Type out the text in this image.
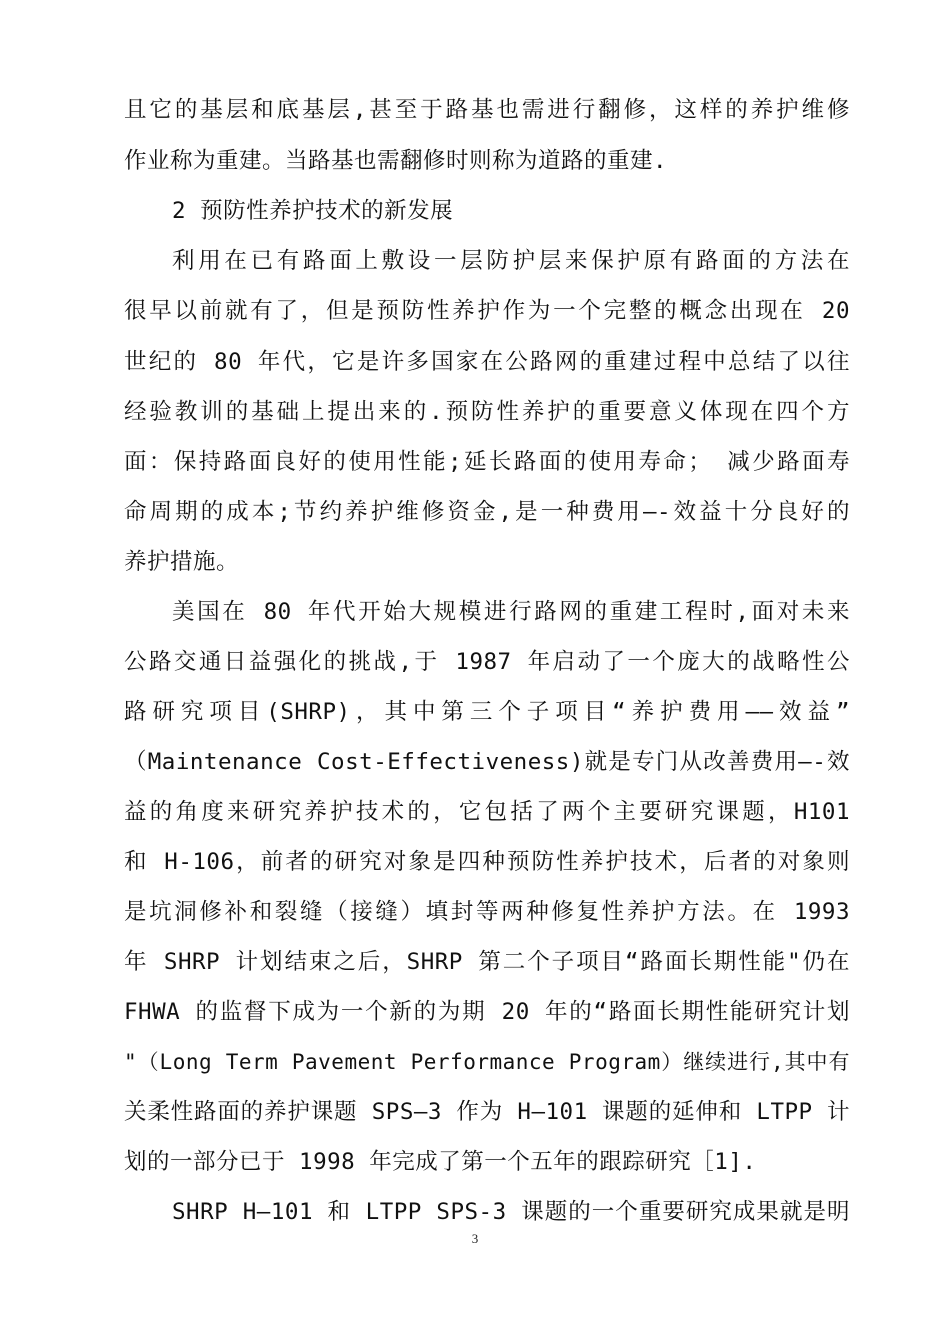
且它的基层和底基层,甚至于路基也需进行翻修，这样的养护维修
作业称为重建。当路基也需翻修时则称为道路的重建.
2 预防性养护技术的新发展
利用在已有路面上敷设一层防护层来保护原有路面的方法在
很早以前就有了，但是预防性养护作为一个完整的概念出现在 20
世纪的 80 年代，它是许多国家在公路网的重建过程中总结了以往
经验教训的基础上提出来的.预防性养护的重要意义体现在四个方
面：保持路面良好的使用性能;延长路面的使用寿命； 减少路面寿
命周期的成本;节约养护维修资金,是一种费用—-效益十分良好的
养护措施。
美国在 80 年代开始大规模进行路网的重建工程时,面对未来
公路交通日益强化的挑战,于 1987 年启动了一个庞大的战略性公
路研究项目(SHRP)，其中第三个子项目“养护费用——效益”
（Maintenance Cost-Effectiveness)就是专门从改善费用—-效
益的角度来研究养护技术的，它包括了两个主要研究课题，H101
和 H-106，前者的研究对象是四种预防性养护技术，后者的对象则
是坑洞修补和裂缝（接缝）填封等两种修复性养护方法。在 1993
年 SHRP 计划结束之后，SHRP 第二个子项目“路面长期性能"仍在
FHWA 的监督下成为一个新的为期 20 年的“路面长期性能研究计划
"（Long Term Pavement Performance Program）继续进行,其中有
关柔性路面的养护课题 SPS—3 作为 H—101 课题的延伸和 LTPP 计
划的一部分已于 1998 年完成了第一个五年的跟踪研究［1].
SHRP H—101 和 LTPP SPS-3 课题的一个重要研究成果就是明
3
